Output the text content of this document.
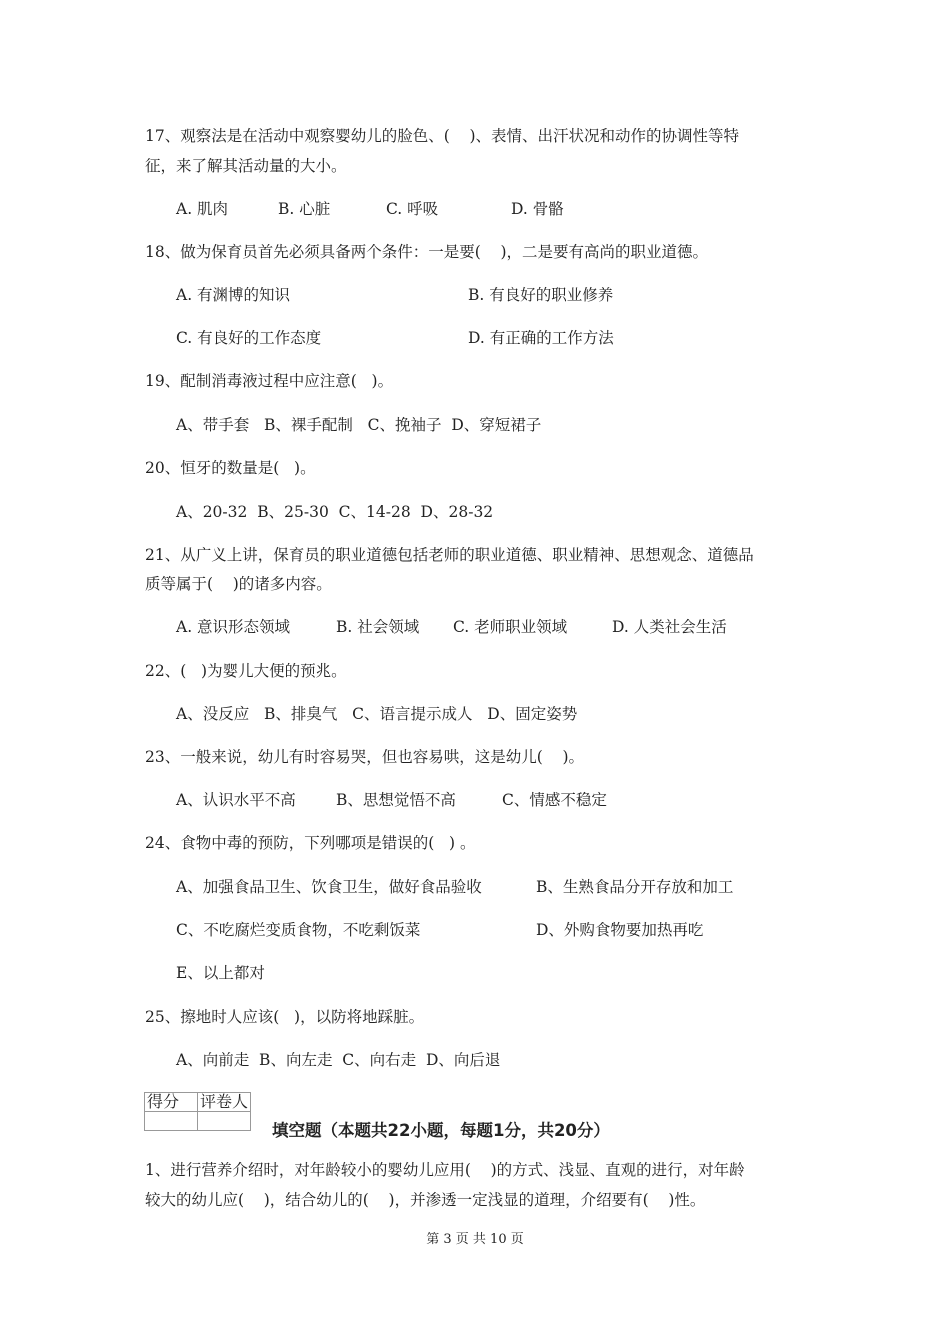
17、观察法是在活动中观察婴幼儿的脸色、(    )、表情、出汗状况和动作的协调性等特
征，来了解其活动量的大小。
A. 肌肉	B. 心脏	C. 呼吸	D. 骨骼
18、做为保育员首先必须具备两个条件：一是要(    )，二是要有高尚的职业道德。
A. 有渊博的知识	B. 有良好的职业修养
C. 有良好的工作态度	D. 有正确的工作方法
19、配制消毒液过程中应注意(   )。
A、带手套   B、裸手配制   C、挽袖子  D、穿短裙子
20、恒牙的数量是(   )。
A、20-32  B、25-30  C、14-28  D、28-32
21、从广义上讲，保育员的职业道德包括老师的职业道德、职业精神、思想观念、道德品
质等属于(    )的诸多内容。
A. 意识形态领域	B. 社会领域 C. 老师职业领域	D. 人类社会生活
22、(   )为婴儿大便的预兆。
A、没反应   B、排臭气   C、语言提示成人   D、固定姿势
23、一般来说，幼儿有时容易哭，但也容易哄，这是幼儿(    )。
A、认识水平不高	B、思想觉悟不高	C、情感不稳定
24、食物中毒的预防，下列哪项是错误的(   ) 。
A、加强食品卫生、饮食卫生，做好食品验收	B、生熟食品分开存放和加工
C、不吃腐烂变质食物，不吃剩饭菜	D、外购食物要加热再吃
E、以上都对
25、擦地时人应该(   )，以防将地踩脏。
A、向前走  B、向左走  C、向右走  D、向后退
得分	评卷人

填空题（本题共22小题，每题1分，共20分）
1、进行营养介绍时，对年龄较小的婴幼儿应用(    )的方式、浅显、直观的进行，对年龄
较大的幼儿应(    )，结合幼儿的(    )，并渗透一定浅显的道理，介绍要有(    )性。
第 3 页 共 10 页
